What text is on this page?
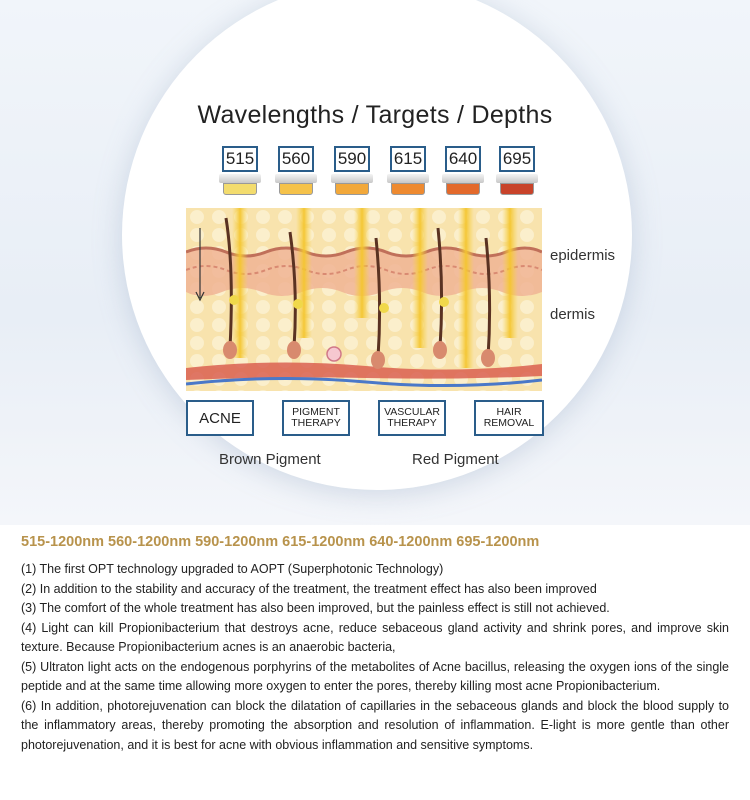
Wavelengths / Targets / Depths
515 560 590 615 640 695
epidermis
dermis
ACNE	PIGMENT
THERAPY
VASCULAR
THERAPY
HAIR
REMOVAL
Brown Pigment	Red Pigment
515-1200nm 560-1200nm 590-1200nm 615-1200nm 640-1200nm 695-1200nm

(1) The first OPT technology upgraded to AOPT (Superphotonic Technology)

(2) In addition to the stability and accuracy of the treatment, the treatment effect has also been improved

(3) The comfort of the whole treatment has also been improved, but the painless effect is still not achieved.

(4) Light can kill Propionibacterium that destroys acne, reduce sebaceous gland activity and shrink pores, and improve skin texture. Because Propionibacterium acnes is an anaerobic bacteria,

(5) Ultraton light acts on the endogenous porphyrins of the metabolites of Acne bacillus, releasing the oxygen ions of the single peptide and at the same time allowing more oxygen to enter the pores, thereby killing most acne Propionibacterium.

(6) In addition, photorejuvenation can block the dilatation of capillaries in the sebaceous glands and block the blood supply to the inflammatory areas, thereby promoting the absorption and resolution of inflammation. E-light is more gentle than other photorejuvenation, and it is best for acne with obvious inflammation and sensitive symptoms.
